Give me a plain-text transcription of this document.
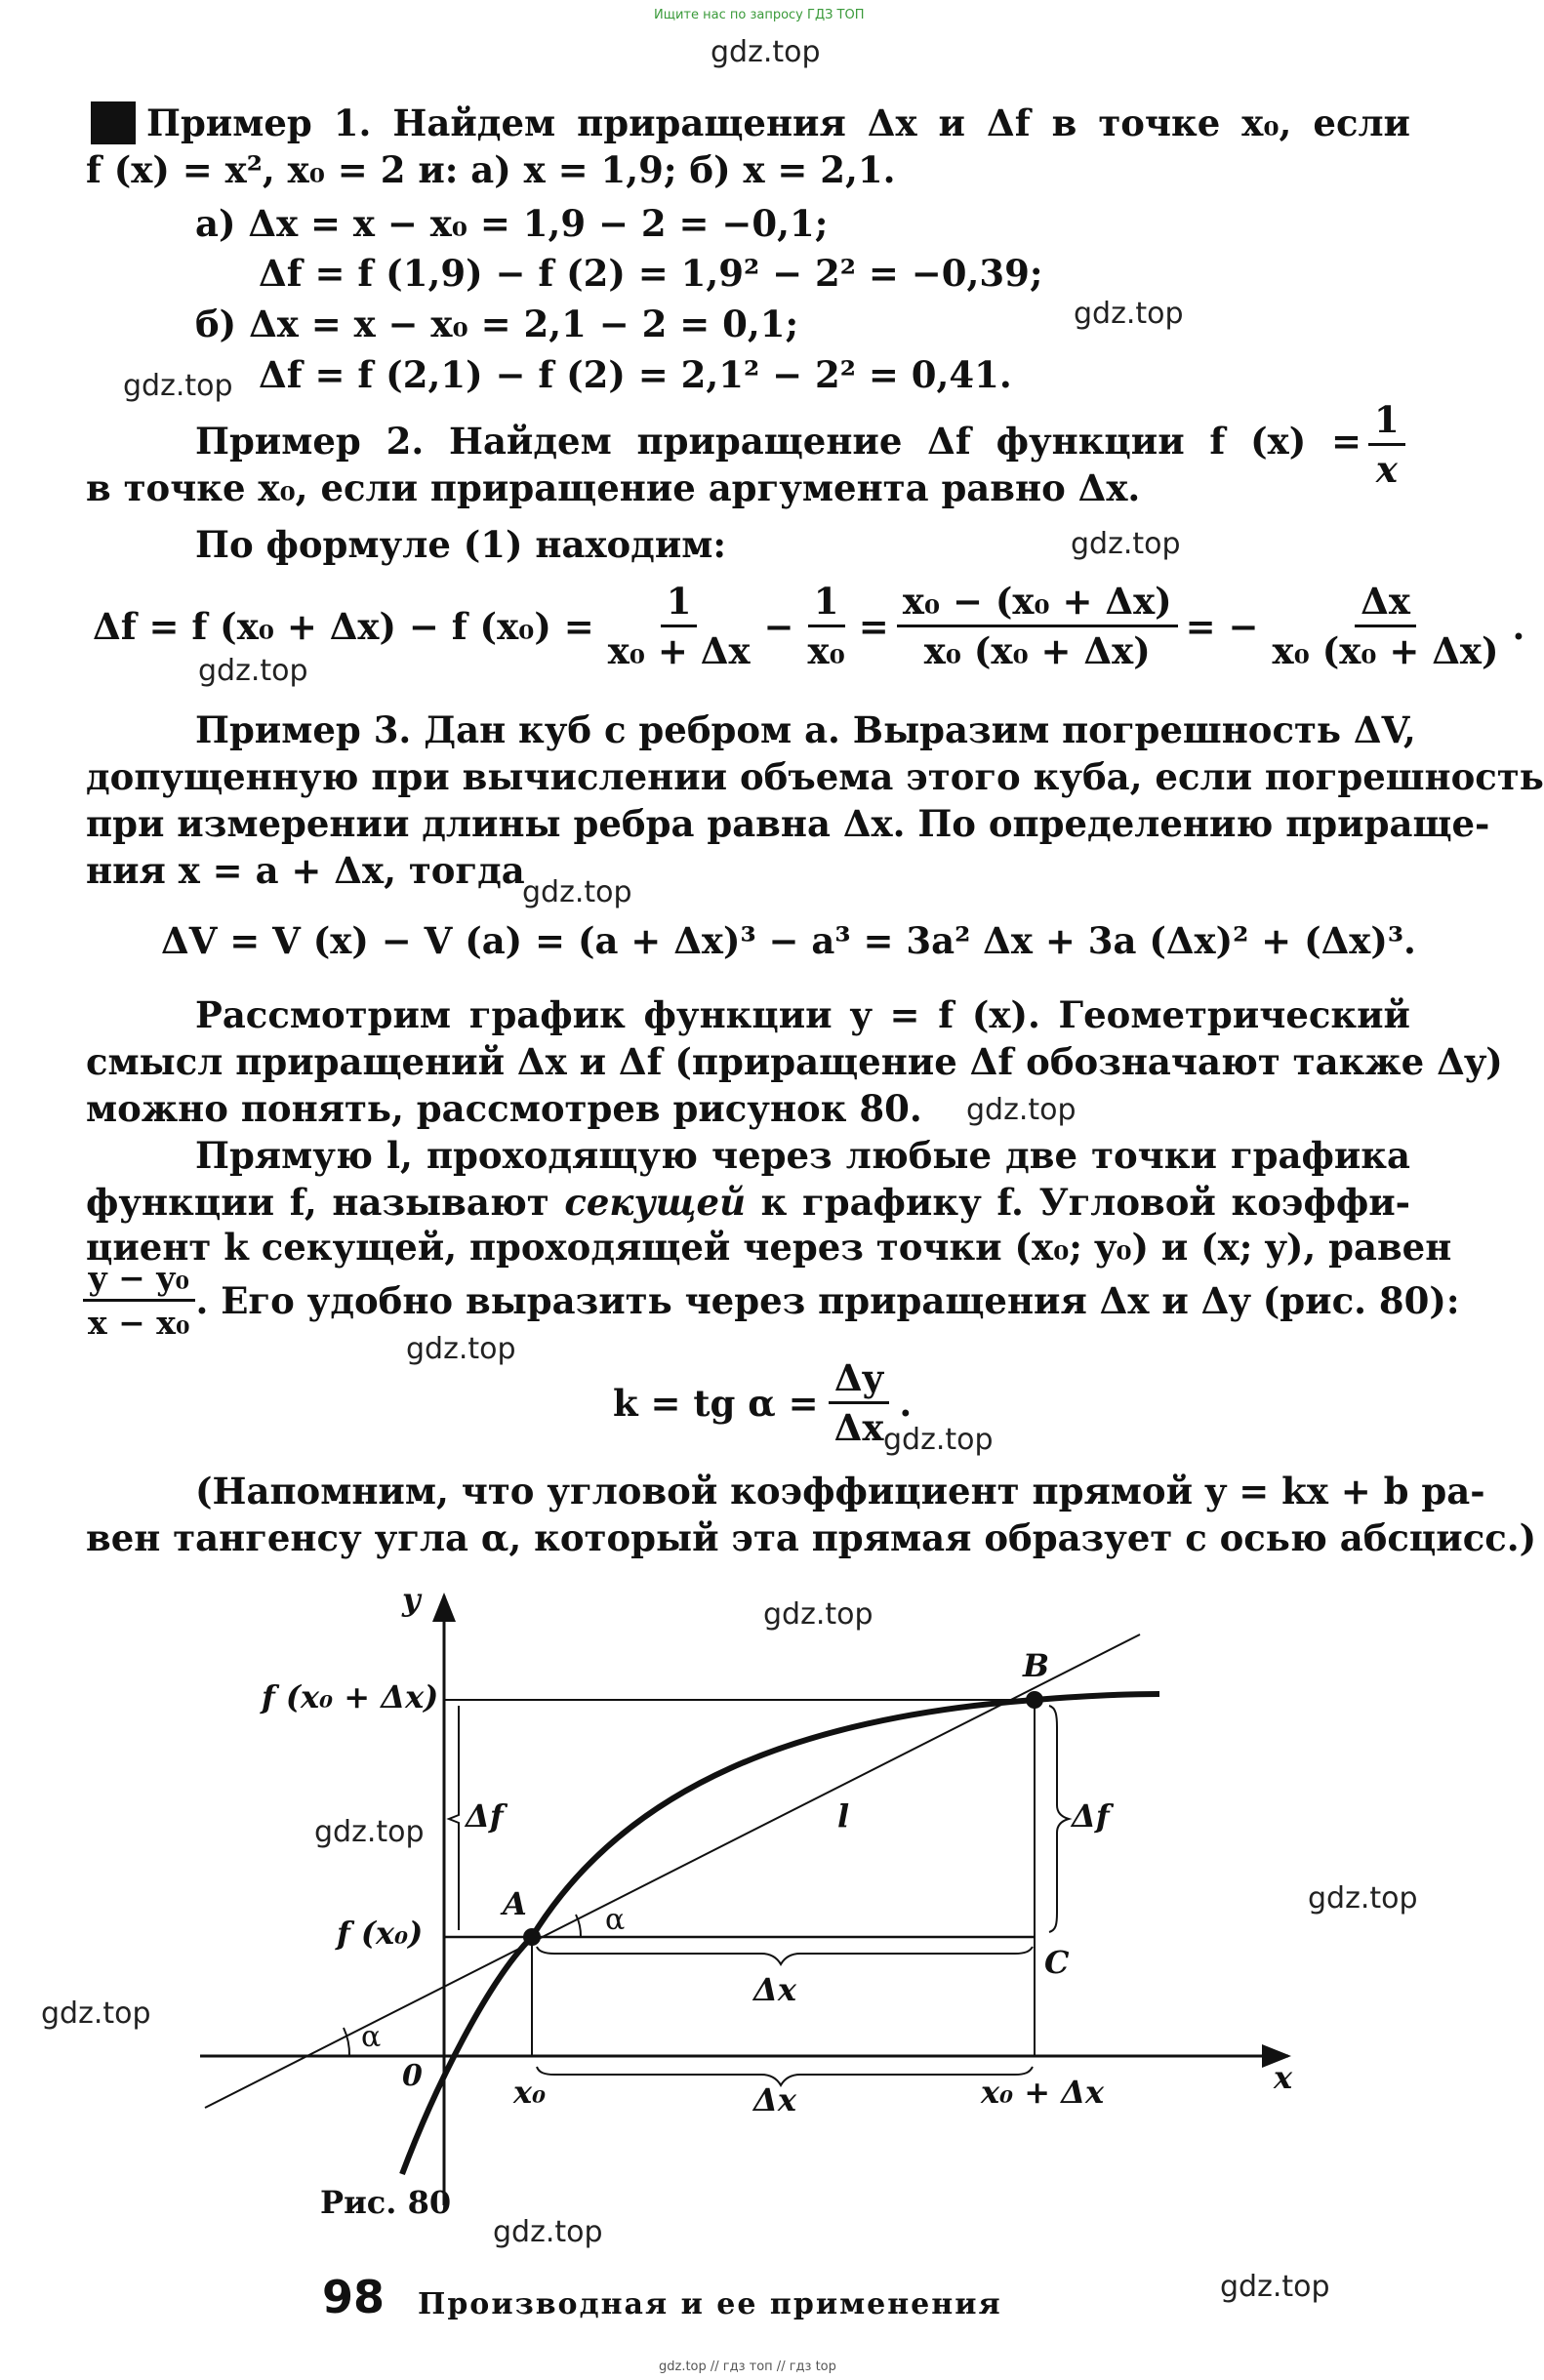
Ищите нас по запросу ГДЗ ТОП
gdz.top
gdz.top
gdz.top
gdz.top
gdz.top
gdz.top
gdz.top
gdz.top
gdz.top
gdz.top
gdz.top
gdz.top
gdz.top
gdz.top
gdz.top
Пример 1. Найдем приращения Δx и Δf в точке x₀, если
f (x) = x², x₀ = 2 и: а) x = 1,9; б) x = 2,1.
а) Δx = x − x₀ = 1,9 − 2 = −0,1;
Δf = f (1,9) − f (2) = 1,9² − 2² = −0,39;
б) Δx = x − x₀ = 2,1 − 2 = 0,1;
Δf = f (2,1) − f (2) = 2,1² − 2² = 0,41.
Пример 2. Найдем приращение Δf функции f $(x) = \frac{1}{x}$
в точке x₀, если приращение аргумента равно Δx.
По формуле (1) находим:
Δf = f (x₀ + Δx) − f $(x_0) = \frac{1}{\text{x₀ + Δx}} - \frac{1}{\text{x₀}} = \frac{\text{x₀ − (x₀ + Δx)}}{\text{x₀ (x₀ + Δx)}}$ = − $\frac{\Delta x}{\text{x₀ (x₀ + Δx)}}$ .
Пример 3. Дан куб с ребром a. Выразим погрешность ΔV,
допущенную при вычислении объема этого куба, если погрешность
при измерении длины ребра равна Δx. По определению прираще-
ния x = a + Δx, тогда
ΔV = V (x) − V (a) = (a + Δx)³ − a³ = 3a² Δx + 3a (Δx)² + (Δx)³.
Рассмотрим график функции y = f (x). Геометрический
смысл приращений Δx и Δf (приращение Δf обозначают также Δy)
можно понять, рассмотрев рисунок 80.
Прямую l, проходящую через любые две точки графика
функции f, называют секущей к графику f. Угловой коэффи-
циент k секущей, проходящей через точки (x₀; y₀) и (x; y), равен
$\frac{\text{y − y₀}}{\text{x − x₀}}$ . Его удобно выразить через приращения Δx и Δy (рис. 80):
k = tg $\alpha = \frac{\Delta y}{\Delta x}$ .
(Напомним, что угловой коэффициент прямой y = kx + b ра-
вен тангенсу угла α, который эта прямая образует с осью абсцисс.)
y
x
0
f (x₀ + Δx)
f (x₀)
Δf	Δf
l
A
B
C
α
α
Δx
Δx
x₀	x₀ + Δx
Рис. 80
98 Производная и ее применения
gdz.top // гдз топ // гдз top
